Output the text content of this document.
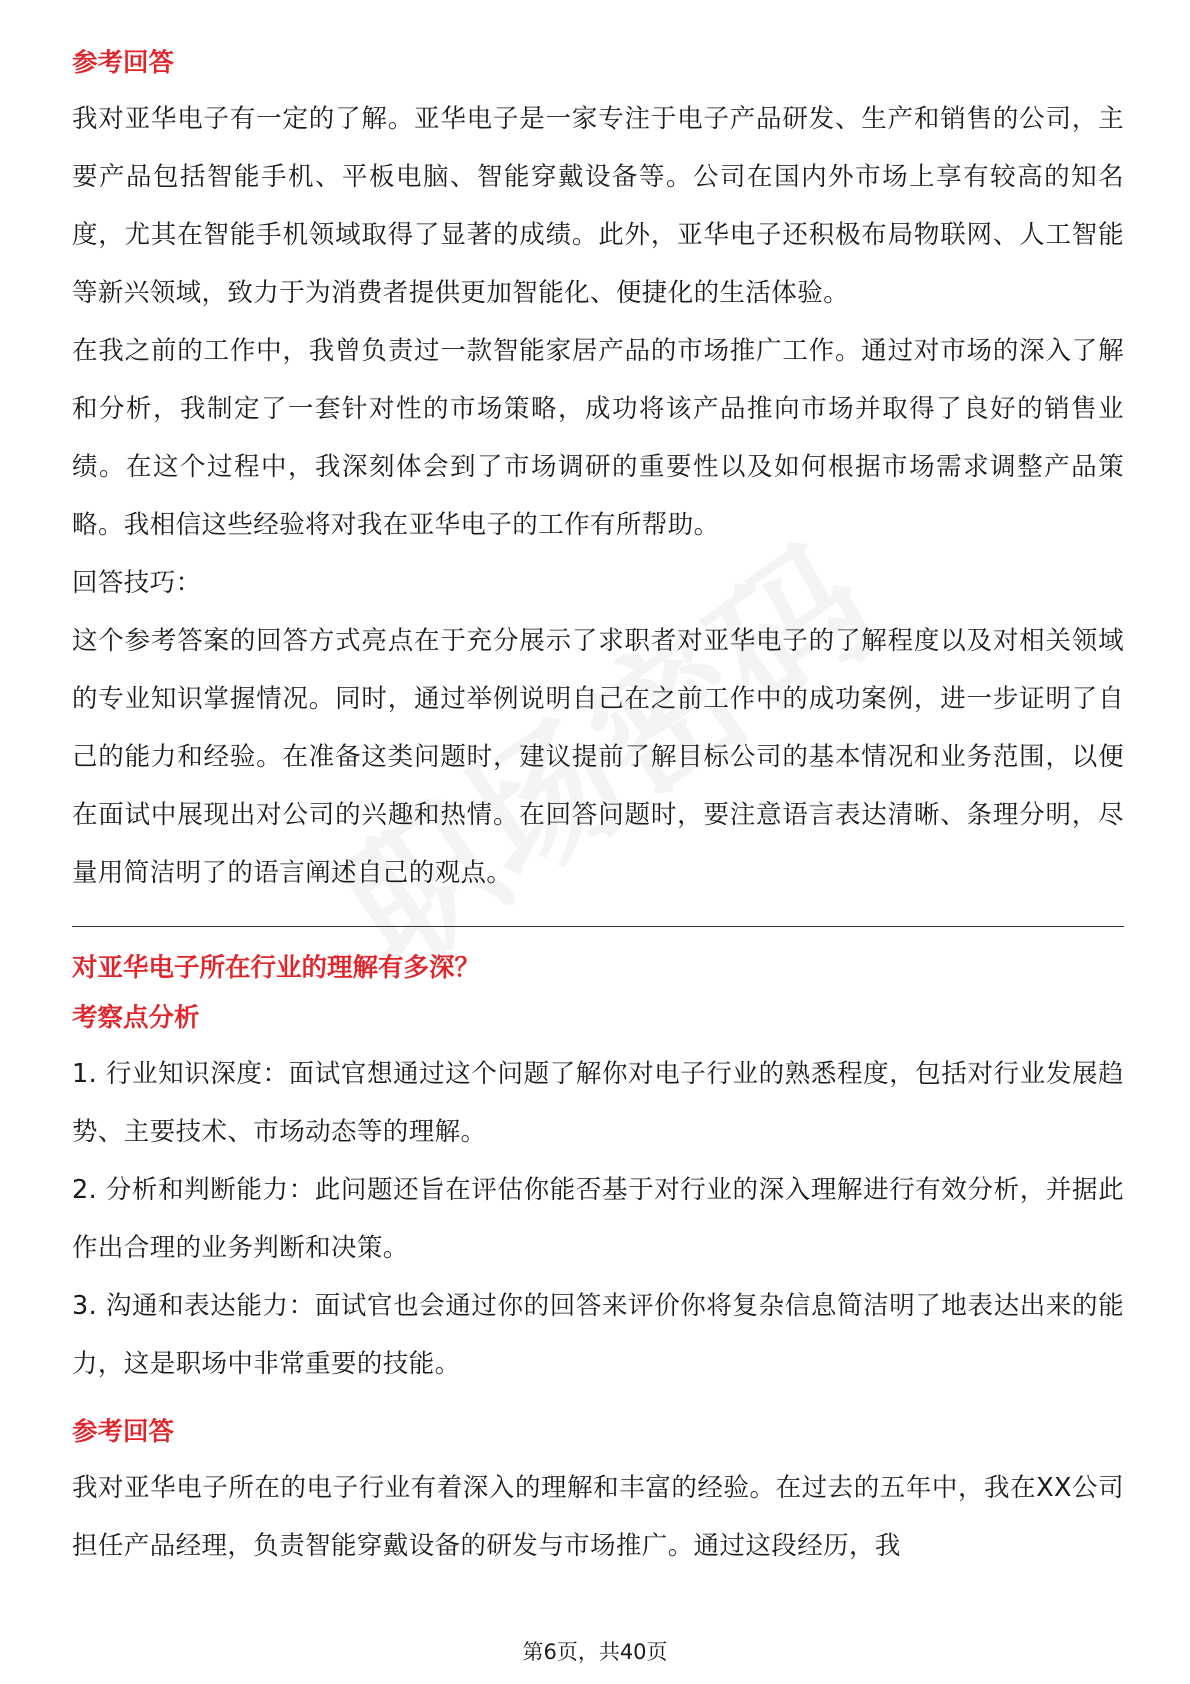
参考回答

我对亚华电子有一定的了解。亚华电子是一家专注于电子产品研发、生产和销售的公司，主要产品包括智能手机、平板电脑、智能穿戴设备等。公司在国内外市场上享有较高的知名度，尤其在智能手机领域取得了显著的成绩。此外，亚华电子还积极布局物联网、人工智能等新兴领域，致力于为消费者提供更加智能化、便捷化的生活体验。

在我之前的工作中，我曾负责过一款智能家居产品的市场推广工作。通过对市场的深入了解和分析，我制定了一套针对性的市场策略，成功将该产品推向市场并取得了良好的销售业绩。在这个过程中，我深刻体会到了市场调研的重要性以及如何根据市场需求调整产品策略。我相信这些经验将对我在亚华电子的工作有所帮助。

回答技巧：

这个参考答案的回答方式亮点在于充分展示了求职者对亚华电子的了解程度以及对相关领域的专业知识掌握情况。同时，通过举例说明自己在之前工作中的成功案例，进一步证明了自己的能力和经验。在准备这类问题时，建议提前了解目标公司的基本情况和业务范围，以便在面试中展现出对公司的兴趣和热情。在回答问题时，要注意语言表达清晰、条理分明，尽量用简洁明了的语言阐述自己的观点。

对亚华电子所在行业的理解有多深？
考察点分析

1. 行业知识深度：面试官想通过这个问题了解你对电子行业的熟悉程度，包括对行业发展趋势、主要技术、市场动态等的理解。

2. 分析和判断能力：此问题还旨在评估你能否基于对行业的深入理解进行有效分析，并据此作出合理的业务判断和决策。

3. 沟通和表达能力：面试官也会通过你的回答来评价你将复杂信息简洁明了地表达出来的能力，这是职场中非常重要的技能。

参考回答

我对亚华电子所在的电子行业有着深入的理解和丰富的经验。在过去的五年中，我在XX公司担任产品经理，负责智能穿戴设备的研发与市场推广。通过这段经历，我

第6页，共40页
